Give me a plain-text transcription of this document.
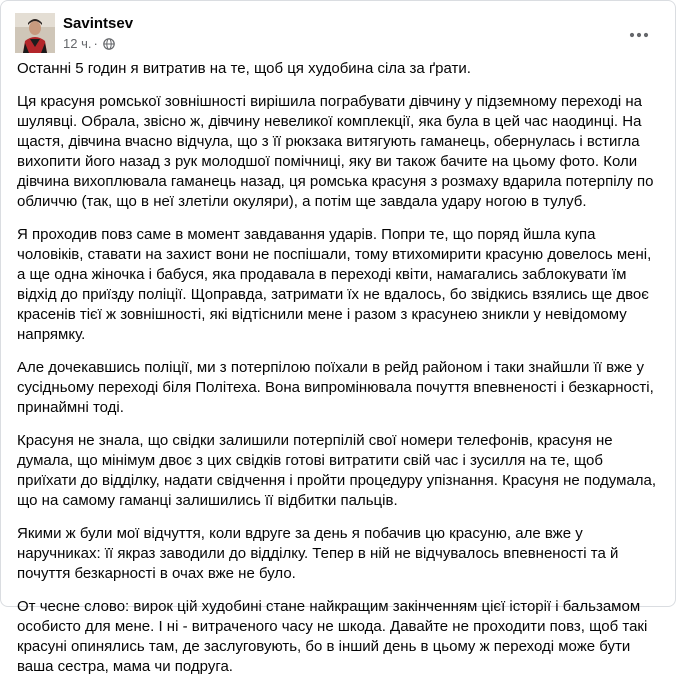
Savintsev
12 ч. ·

Останні 5 годин я витратив на те, щоб ця худобина сіла за ґрати.

Ця красуня ромської зовнішності вирішила пограбувати дівчину у підземному переході на шулявці. Обрала, звісно ж, дівчину невеликої комплекції, яка була в цей час наодинці. На щастя, дівчина вчасно відчула, що з її рюкзака витягують гаманець, обернулась і встигла вихопити його назад з рук молодшої помічниці, яку ви також бачите на цьому фото. Коли дівчина вихоплювала гаманець назад, ця ромська красуня з розмаху вдарила потерпілу по обличчю (так, що в неї злетіли окуляри), а потім ще завдала удару ногою в тулуб.

Я проходив повз саме в момент завдавання ударів. Попри те, що поряд йшла купа чоловіків, ставати на захист вони не поспішали, тому втихомирити красуню довелось мені, а ще одна жіночка і бабуся, яка продавала в переході квіти, намагались заблокувати їм відхід до приїзду поліції. Щоправда, затримати їх не вдалось, бо звідкись взялись ще двоє красенів тієї ж зовнішності, які відтіснили мене і разом з красунею зникли у невідомому напрямку.

Але дочекавшись поліції, ми з потерпілою поїхали в рейд районом і таки знайшли її вже у сусідньому переході біля Політеха. Вона випромінювала почуття впевненості і безкарності, принаймні тоді.

Красуня не знала, що свідки залишили потерпілій свої номери телефонів, красуня не думала, що мінімум двоє з цих свідків готові витратити свій час і зусилля на те, щоб приїхати до відділку, надати свідчення і пройти процедуру упізнання. Красуня не подумала, що на самому гаманці залишились її відбитки пальців.

Якими ж були мої відчуття, коли вдруге за день я побачив цю красуню, але вже у наручниках: її якраз заводили до відділку. Тепер в ній не відчувалось впевненості та й почуття безкарності в очах вже не було.

От чесне слово: вирок цій худобині стане найкращим закінченням цієї історії і бальзамом особисто для мене. І ні - витраченого часу не шкода. Давайте не проходити повз, щоб такі красуні опинялись там, де заслуговують, бо в інший день в цьому ж переході може бути ваша сестра, мама чи подруга.
